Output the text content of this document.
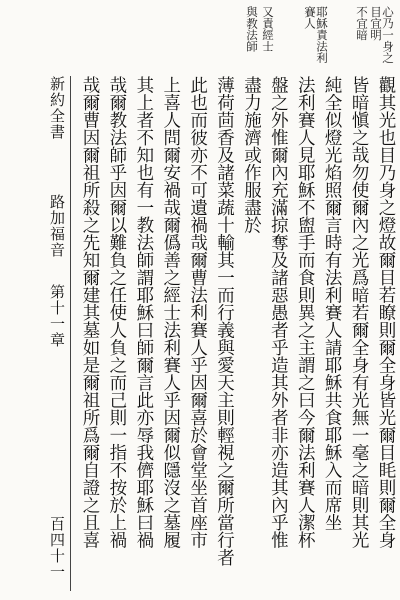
心乃一身之目宜明
不宜暗
耶穌責法利賽人
又責經士
與教法師
觀其光也目乃身之燈故爾目若瞭則爾全身皆光爾目眊則爾全身
皆暗愼之哉勿使爾內之光爲暗若爾全身有光無一毫之暗則其光
純全似燈光焰照爾言時有法利賽人請耶穌共食耶穌入而席坐
法利賽人見耶穌不盥手而食則異之主謂之曰今爾法利賽人潔杯
盤之外惟爾內充滿掠奪及諸惡愚者乎造其外者非亦造其內乎惟
盡力施濟或作服盡於
薄荷茴香及諸菜蔬十輸其一而行義與愛天主則輕視之爾所當行者
此也而彼亦不可遺禍哉爾曹法利賽人乎因爾喜於會堂坐首座市
上喜人問爾安禍哉爾僞善之經士法利賽人乎因爾似隱沒之墓履
其上者不知也有一教法師謂耶穌曰師爾言此亦辱我儕耶穌曰禍
哉爾教法師乎因爾以難負之任使人負之而己則一指不按於上禍
哉爾曹因爾祖所殺之先知爾建其墓如是爾祖所爲爾自證之且喜
新約全書
路加福音
第十一章
百四十一
